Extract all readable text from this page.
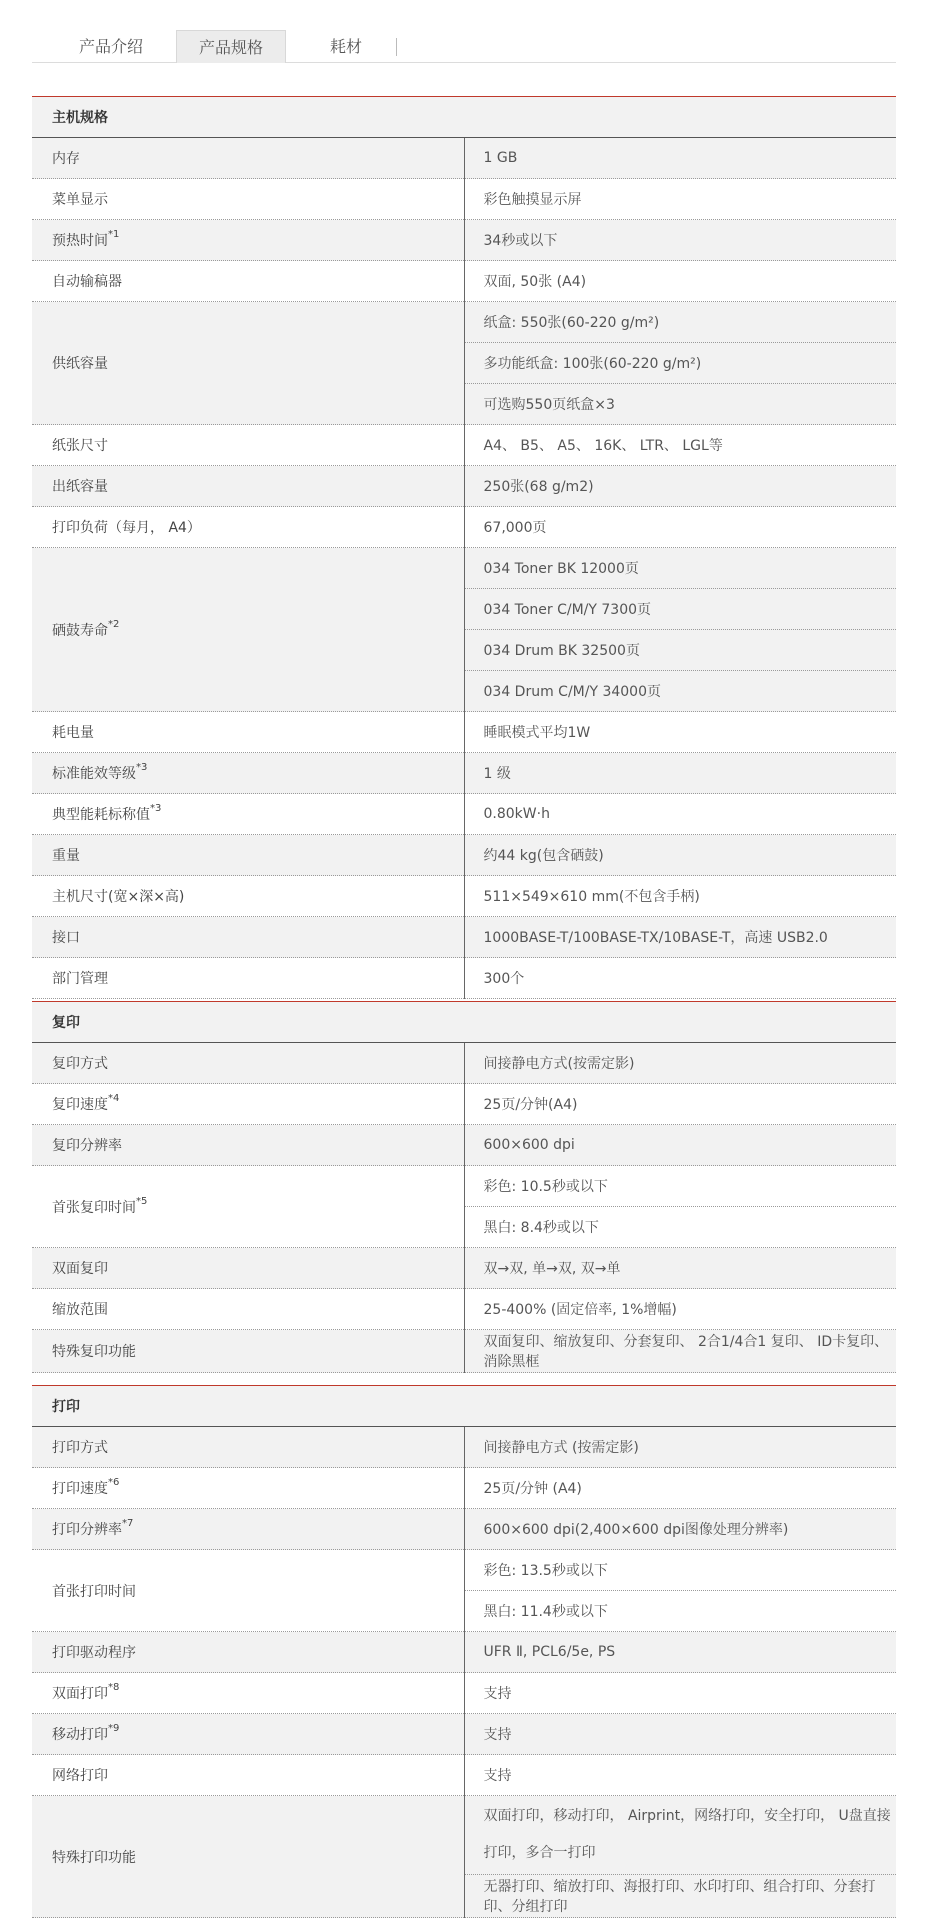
产品介绍	产品规格	耗材
主机规格	
内存	1 GB
菜单显示	彩色触摸显示屏
预热时间$^{*1}$	34秒或以下
自动输稿器	双面, 50张 (A4)
供纸容量	纸盒: 550张(60-220 g/m²)
	多功能纸盒: 100张(60-220 g/m²)
	可选购550页纸盒×3
纸张尺寸	A4、 B5、 A5、 16K、 LTR、 LGL等
出纸容量	250张(68 g/m2)
打印负荷（每月， A4）	67,000页
硒鼓寿命$^{*2}$	034 Toner BK 12000页
	034 Toner C/M/Y 7300页
	034 Drum BK 32500页
	034 Drum C/M/Y 34000页
耗电量	睡眠模式平均1W
标准能效等级$^{*3}$	1 级
典型能耗标称值$^{*3}$	0.80kW·h
重量	约44 kg(包含硒鼓)
主机尺寸(宽×深×高)	511×549×610 mm(不包含手柄)
接口	1000BASE-T/100BASE-TX/10BASE-T，高速 USB2.0
部门管理	300个
复印	
复印方式	间接静电方式(按需定影)
复印速度$^{*4}$	25页/分钟(A4)
复印分辨率	600×600 dpi
首张复印时间$^{*5}$	彩色: 10.5秒或以下
	黑白: 8.4秒或以下
双面复印	双→双, 单→双, 双→单
缩放范围	25-400% (固定倍率, 1%增幅)
特殊复印功能	双面复印、缩放复印、分套复印、 2合1/4合1 复印、 ID卡复印、消除黑框
打印	
打印方式	间接静电方式 (按需定影)
打印速度$^{*6}$	25页/分钟 (A4)
打印分辨率$^{*7}$	600×600 dpi(2,400×600 dpi图像处理分辨率)
首张打印时间	彩色: 13.5秒或以下
	黑白: 11.4秒或以下
打印驱动程序	UFR Ⅱ, PCL6/5e, PS
双面打印$^{*8}$	支持
移动打印$^{*9}$	支持
网络打印	支持
特殊打印功能	双面打印，移动打印， Airprint，网络打印，安全打印， U盘直接打印，多合一打印
	无器打印、缩放打印、海报打印、水印打印、组合打印、分套打印、分组打印
